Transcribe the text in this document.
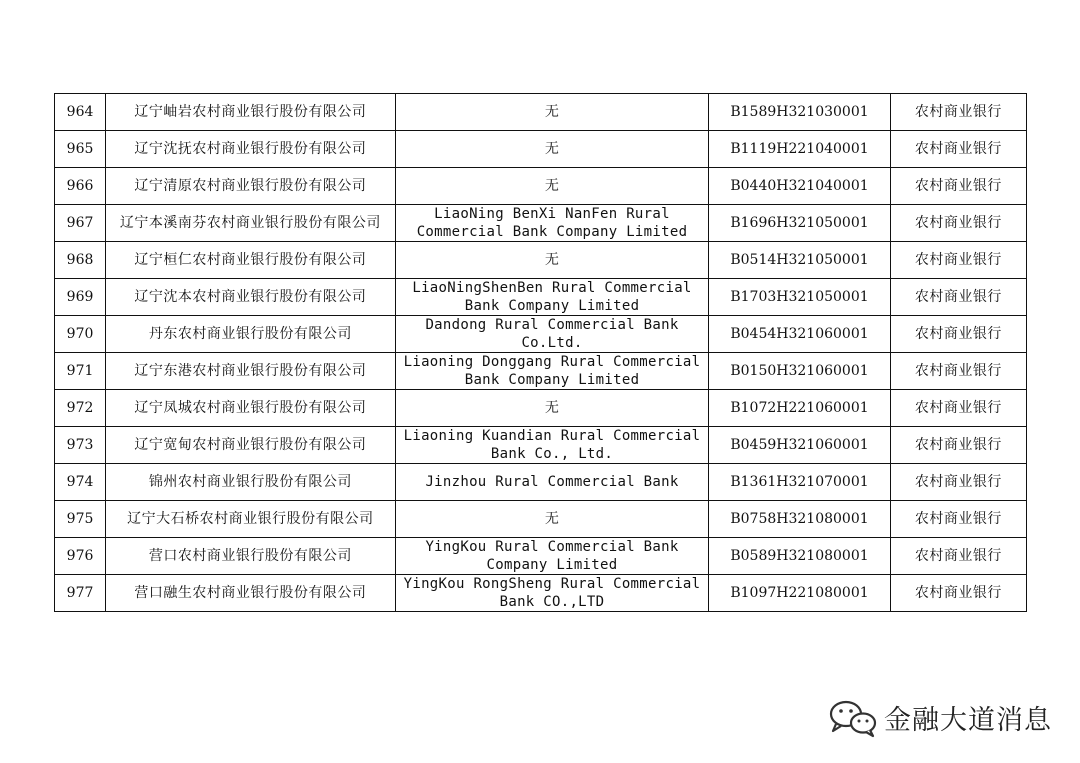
964	辽宁岫岩农村商业银行股份有限公司	无	B1589H321030001	农村商业银行
965	辽宁沈抚农村商业银行股份有限公司	无	B1119H221040001	农村商业银行
966	辽宁清原农村商业银行股份有限公司	无	B0440H321040001	农村商业银行
967	辽宁本溪南芬农村商业银行股份有限公司	LiaoNing BenXi NanFen Rural Commercial Bank Company Limited	B1696H321050001	农村商业银行
968	辽宁桓仁农村商业银行股份有限公司	无	B0514H321050001	农村商业银行
969	辽宁沈本农村商业银行股份有限公司	LiaoNingShenBen Rural Commercial Bank Company Limited	B1703H321050001	农村商业银行
970	丹东农村商业银行股份有限公司	Dandong Rural Commercial Bank Co.Ltd.	B0454H321060001	农村商业银行
971	辽宁东港农村商业银行股份有限公司	Liaoning Donggang Rural Commercial Bank Company Limited	B0150H321060001	农村商业银行
972	辽宁凤城农村商业银行股份有限公司	无	B1072H221060001	农村商业银行
973	辽宁宽甸农村商业银行股份有限公司	Liaoning Kuandian Rural Commercial Bank Co., Ltd.	B0459H321060001	农村商业银行
974	锦州农村商业银行股份有限公司	Jinzhou Rural Commercial Bank	B1361H321070001	农村商业银行
975	辽宁大石桥农村商业银行股份有限公司	无	B0758H321080001	农村商业银行
976	营口农村商业银行股份有限公司	YingKou Rural Commercial Bank Company Limited	B0589H321080001	农村商业银行
977	营口融生农村商业银行股份有限公司	YingKou RongSheng Rural Commercial Bank CO.,LTD	B1097H221080001	农村商业银行
金融大道消息
